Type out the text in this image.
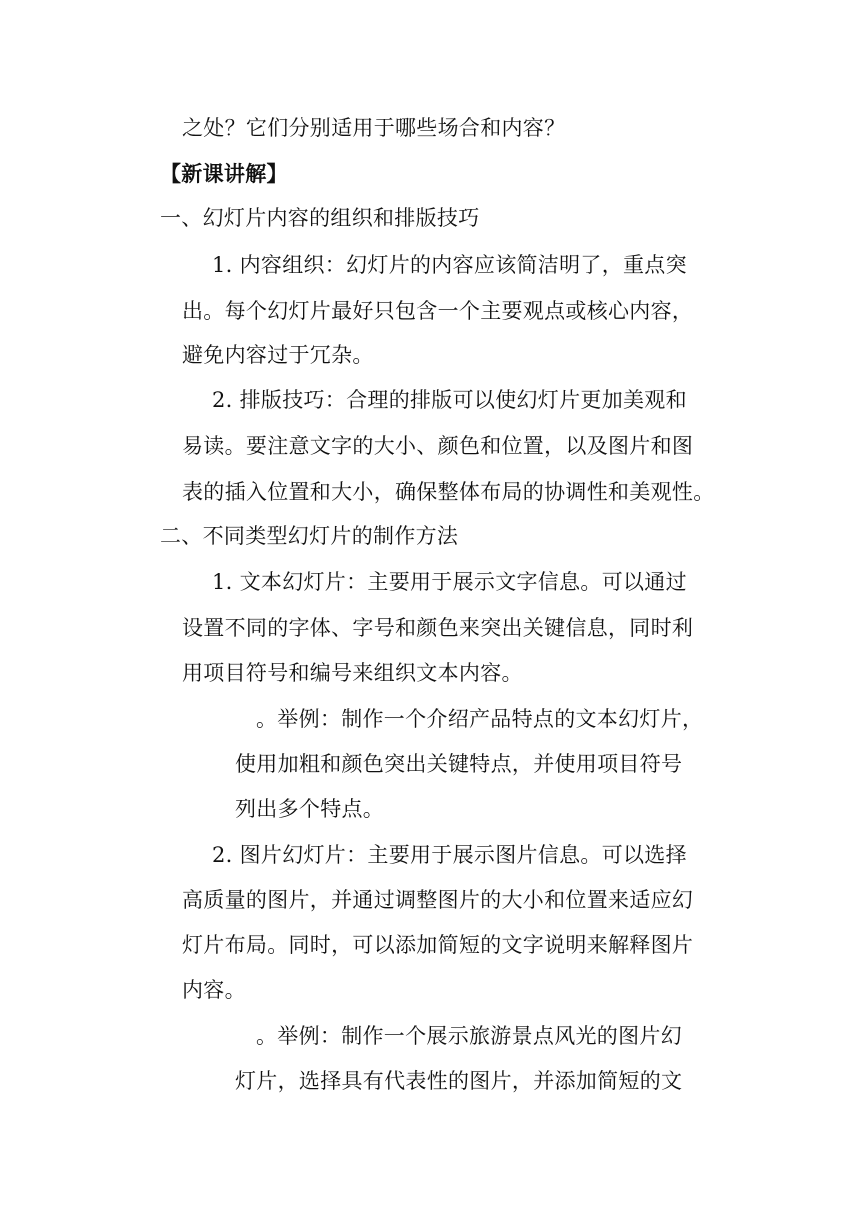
之处？它们分别适用于哪些场合和内容？
【新课讲解】
一、幻灯片内容的组织和排版技巧
1. 内容组织：幻灯片的内容应该简洁明了，重点突
出。每个幻灯片最好只包含一个主要观点或核心内容，
避免内容过于冗杂。
2. 排版技巧：合理的排版可以使幻灯片更加美观和
易读。要注意文字的大小、颜色和位置，以及图片和图
表的插入位置和大小，确保整体布局的协调性和美观性。
二、不同类型幻灯片的制作方法
1. 文本幻灯片：主要用于展示文字信息。可以通过
设置不同的字体、字号和颜色来突出关键信息，同时利
用项目符号和编号来组织文本内容。
。举例：制作一个介绍产品特点的文本幻灯片，
使用加粗和颜色突出关键特点，并使用项目符号
列出多个特点。
2. 图片幻灯片：主要用于展示图片信息。可以选择
高质量的图片，并通过调整图片的大小和位置来适应幻
灯片布局。同时，可以添加简短的文字说明来解释图片
内容。
。举例：制作一个展示旅游景点风光的图片幻
灯片，选择具有代表性的图片，并添加简短的文
